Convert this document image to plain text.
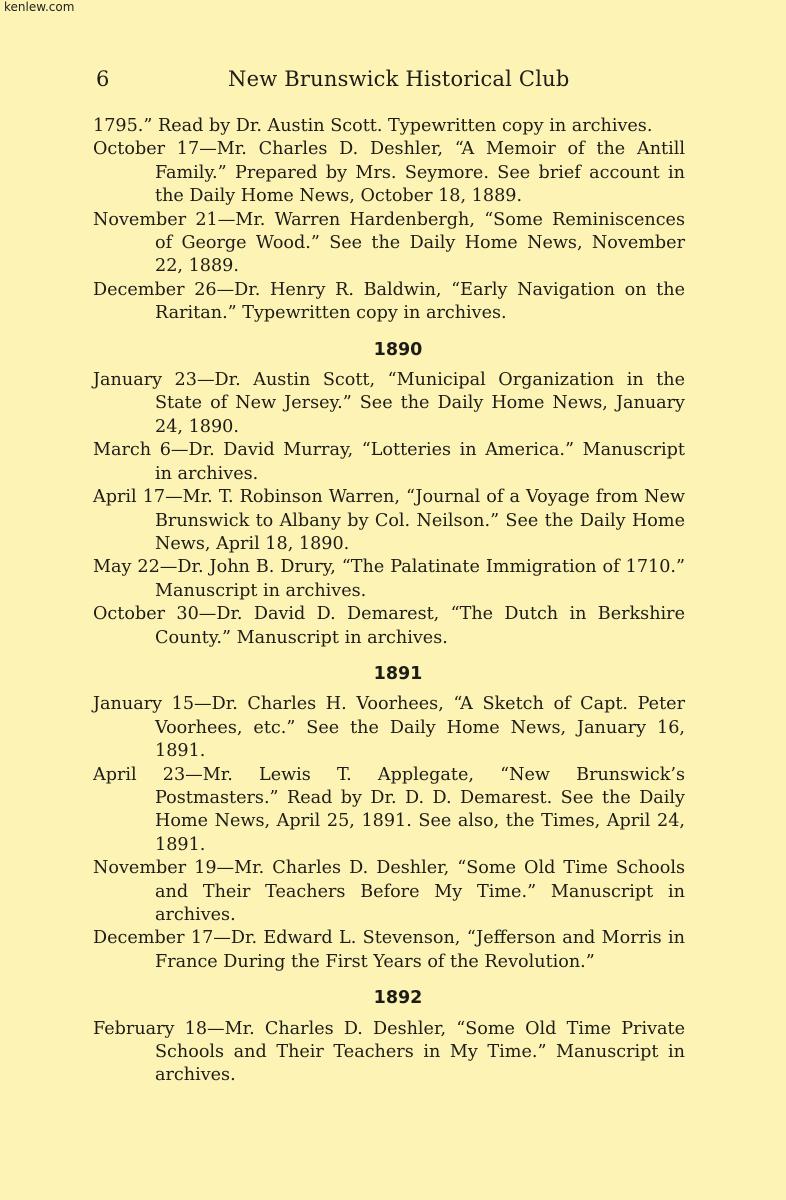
kenlew.com
6	New Brunswick Historical Club

1795.” Read by Dr. Austin Scott. Typewritten copy in archives.

October 17—Mr. Charles D. Deshler, “A Memoir of the Antill Family.” Prepared by Mrs. Seymore. See brief account in the Daily Home News, October 18, 1889.

November 21—Mr. Warren Hardenbergh, “Some Reminiscences of George Wood.” See the Daily Home News, November 22, 1889.

December 26—Dr. Henry R. Baldwin, “Early Navigation on the Raritan.” Typewritten copy in archives.

1890

January 23—Dr. Austin Scott, “Municipal Organization in the State of New Jersey.” See the Daily Home News, January 24, 1890.

March 6—Dr. David Murray, “Lotteries in America.” Manuscript in archives.

April 17—Mr. T. Robinson Warren, “Journal of a Voyage from New Brunswick to Albany by Col. Neilson.” See the Daily Home News, April 18, 1890.

May 22—Dr. John B. Drury, “The Palatinate Immigration of 1710.” Manuscript in archives.

October 30—Dr. David D. Demarest, “The Dutch in Berkshire County.” Manuscript in archives.

1891

January 15—Dr. Charles H. Voorhees, “A Sketch of Capt. Peter Voorhees, etc.” See the Daily Home News, January 16, 1891.

April 23—Mr. Lewis T. Applegate, “New Brunswick’s Postmasters.” Read by Dr. D. D. Demarest. See the Daily Home News, April 25, 1891. See also, the Times, April 24, 1891.

November 19—Mr. Charles D. Deshler, “Some Old Time Schools and Their Teachers Before My Time.” Manuscript in archives.

December 17—Dr. Edward L. Stevenson, “Jefferson and Morris in France During the First Years of the Revolution.”

1892

February 18—Mr. Charles D. Deshler, “Some Old Time Private Schools and Their Teachers in My Time.” Manuscript in archives.
